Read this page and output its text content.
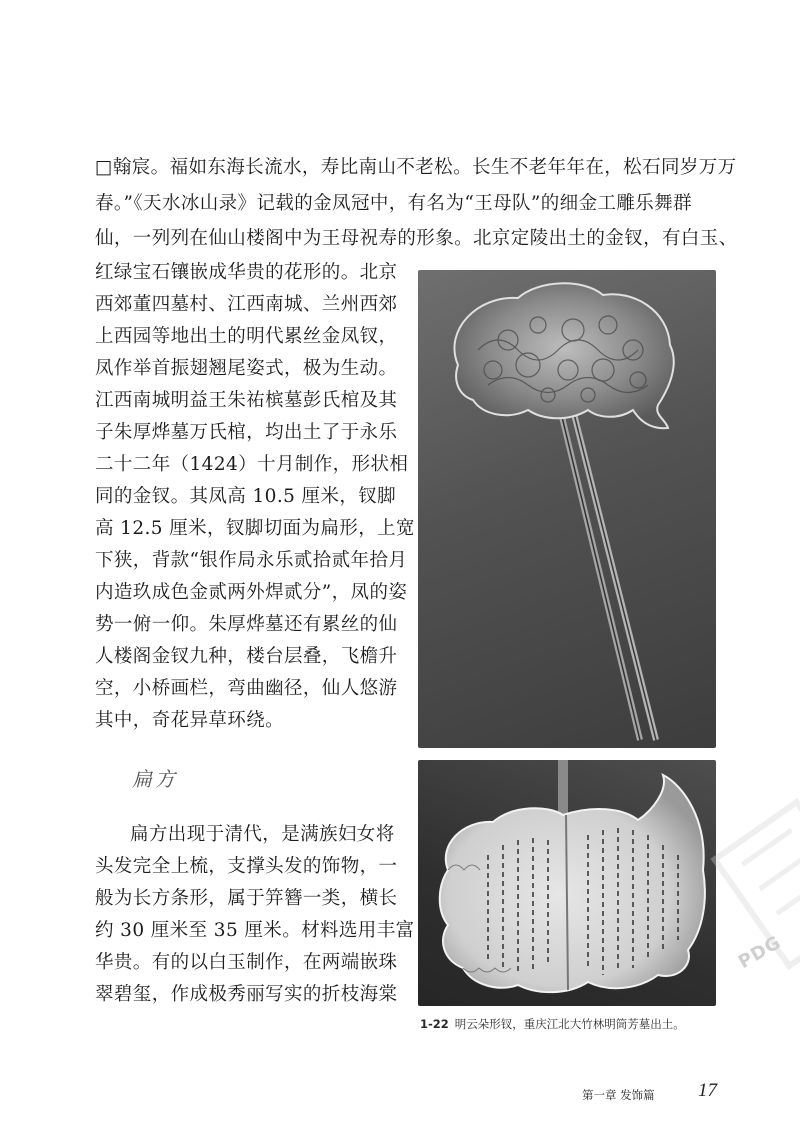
□翰宸。福如东海长流水，寿比南山不老松。长生不老年年在，松石同岁万万
春。”《天水冰山录》记载的金凤冠中，有名为“王母队”的细金工雕乐舞群
仙，一列列在仙山楼阁中为王母祝寿的形象。北京定陵出土的金钗，有白玉、
红绿宝石镶嵌成华贵的花形的。北京
西郊董四墓村、江西南城、兰州西郊
上西园等地出土的明代累丝金凤钗，
凤作举首振翅翘尾姿式，极为生动。
江西南城明益王朱祐槟墓彭氏棺及其
子朱厚烨墓万氏棺，均出土了于永乐
二十二年（1424）十月制作，形状相
同的金钗。其凤高 10.5 厘米，钗脚
高 12.5 厘米，钗脚切面为扁形，上宽
下狭，背款“银作局永乐贰拾贰年拾月
内造玖成色金贰两外焊贰分”，凤的姿
势一俯一仰。朱厚烨墓还有累丝的仙
人楼阁金钗九种，楼台层叠，飞檐升
空，小桥画栏，弯曲幽径，仙人悠游
其中，奇花异草环绕。
扁方
扁方出现于清代，是满族妇女将
头发完全上梳，支撑头发的饰物，一
般为长方条形，属于笄簪一类，横长
约 30 厘米至 35 厘米。材料选用丰富
华贵。有的以白玉制作，在两端嵌珠
翠碧玺，作成极秀丽写实的折枝海棠
1-22 明云朵形钗，重庆江北大竹林明筒芳墓出土。
PDG
第一章 发饰篇 17
